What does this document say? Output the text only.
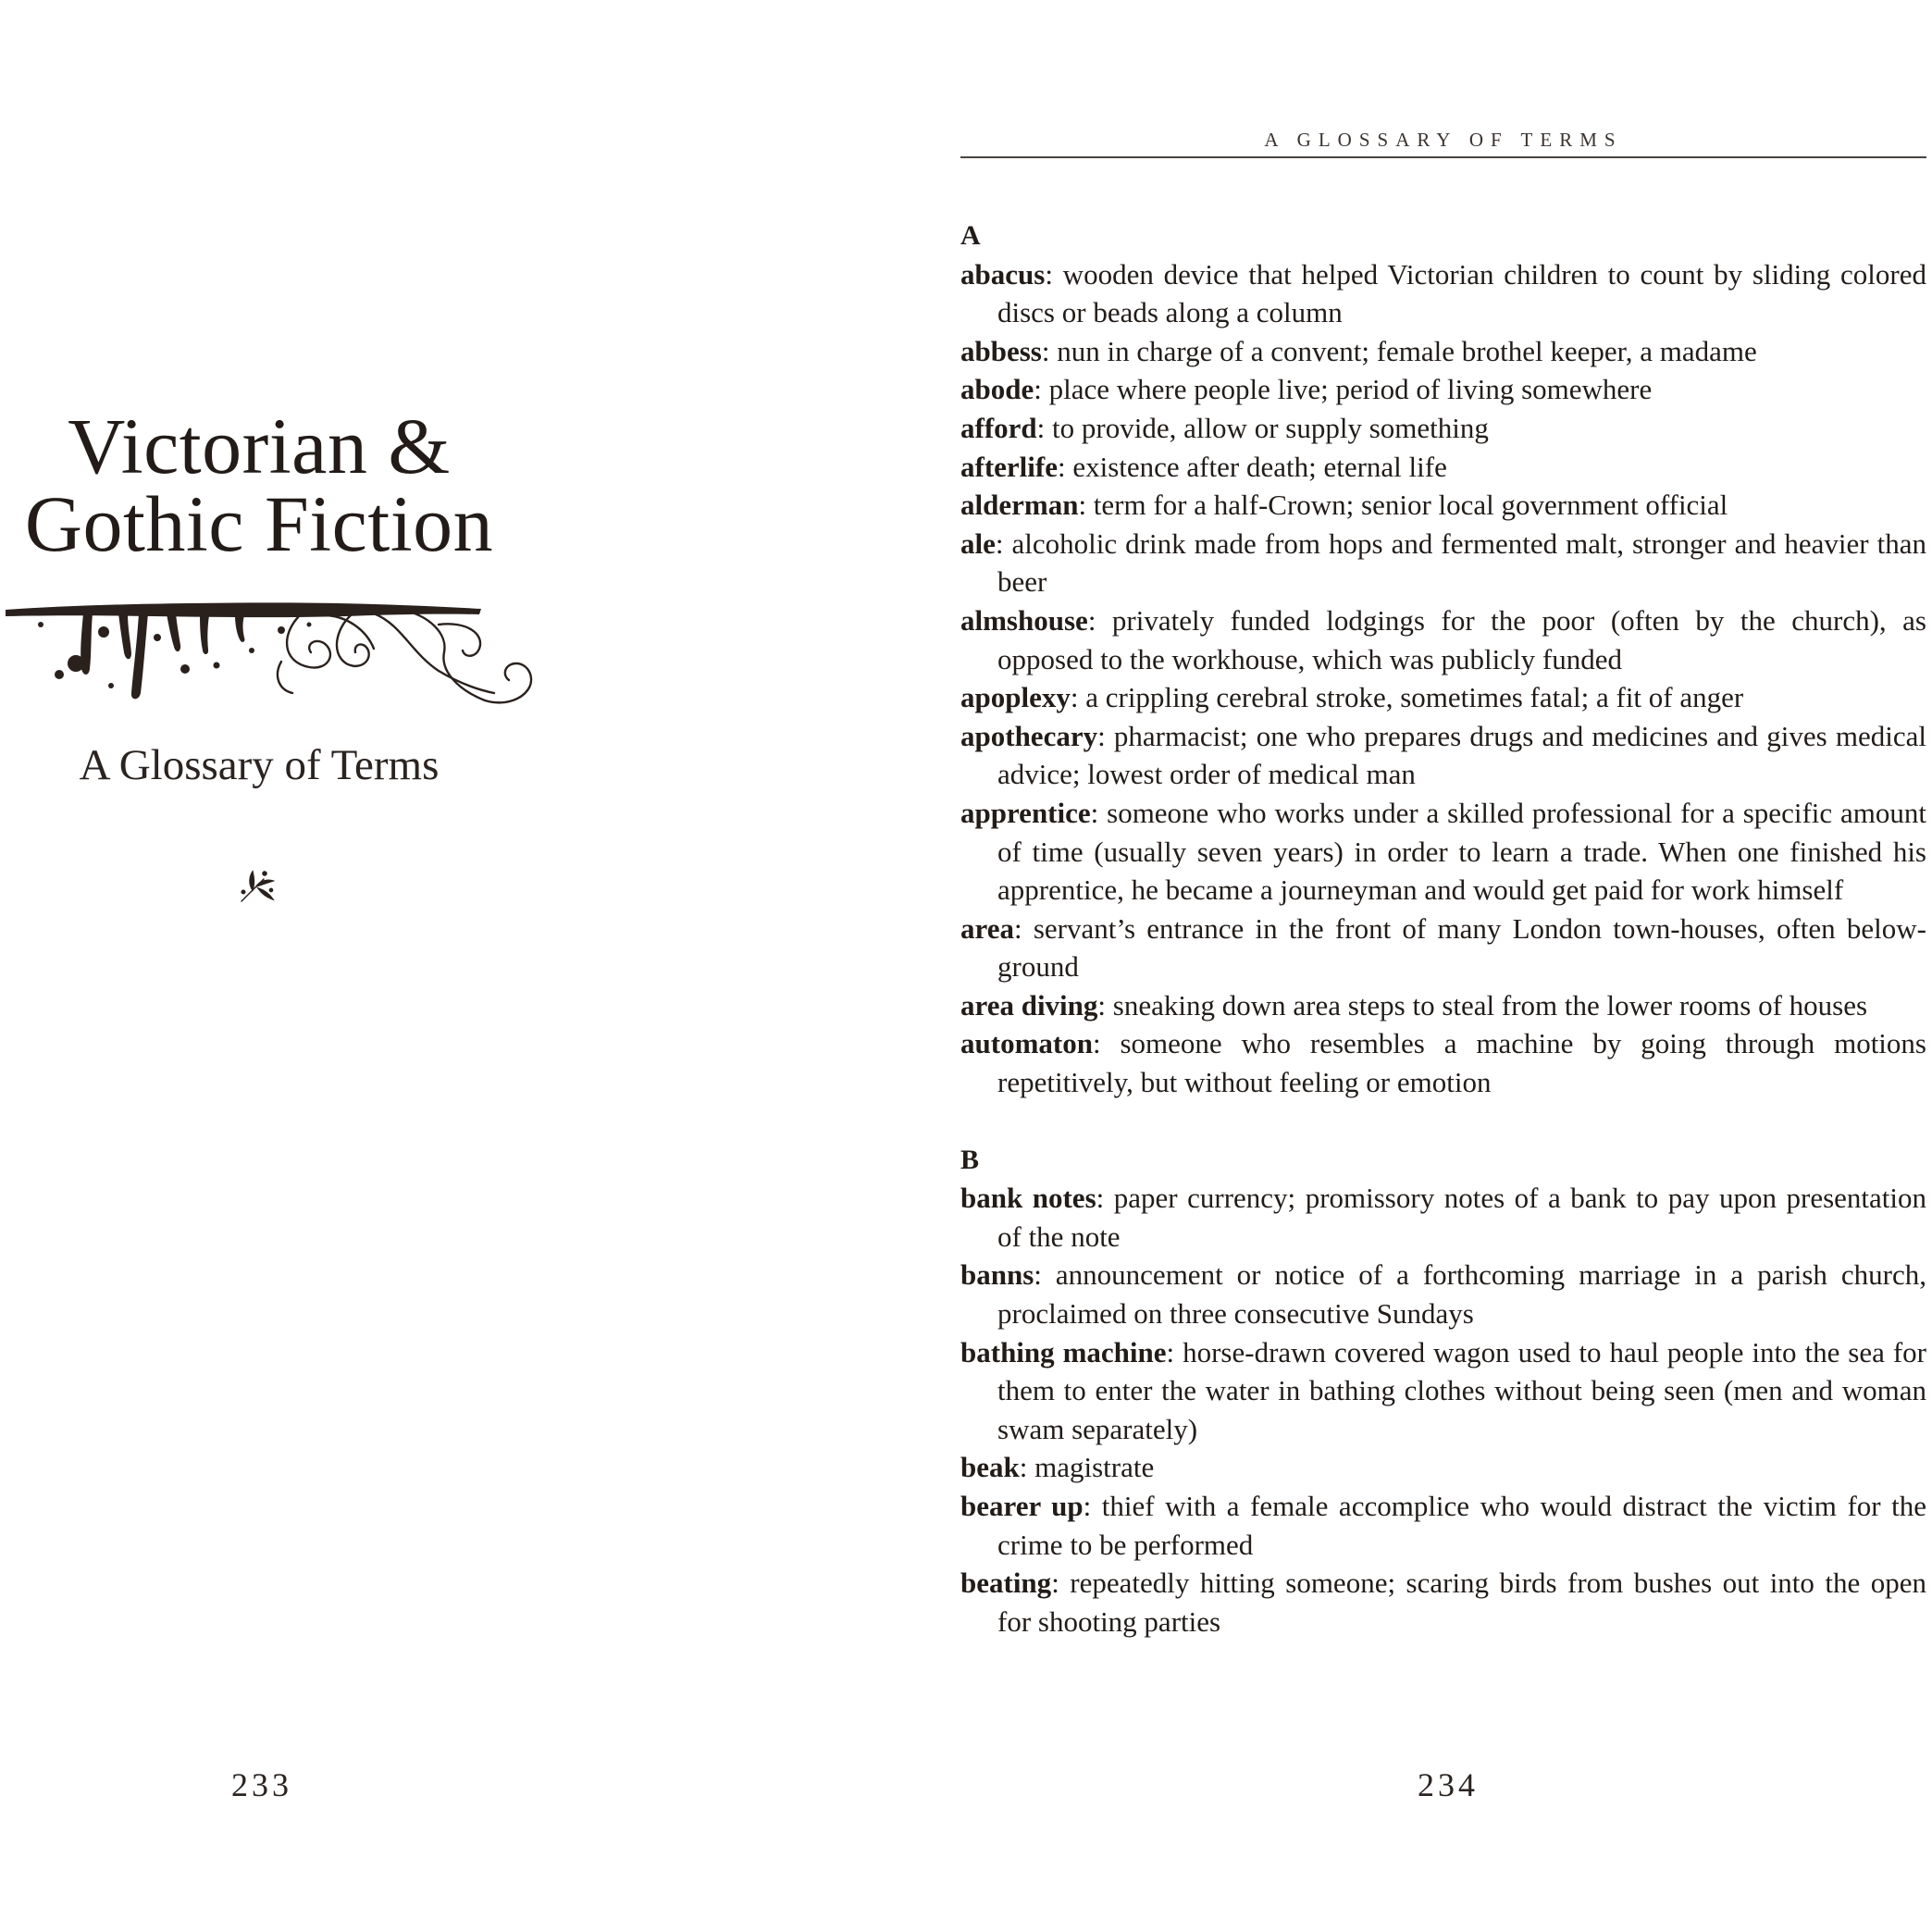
Victorian &
Gothic Fiction
A Glossary of Terms
233
A GLOSSARY OF TERMS

A

abacus: wooden device that helped Victorian children to count by sliding colored discs or beads along a column

abbess: nun in charge of a convent; female brothel keeper, a madame

abode: place where people live; period of living somewhere

afford: to provide, allow or supply something

afterlife: existence after death; eternal life

alderman: term for a half-Crown; senior local government official

ale: alcoholic drink made from hops and fermented malt, stronger and heavier than beer

almshouse: privately funded lodgings for the poor (often by the church), as opposed to the workhouse, which was publicly funded

apoplexy: a crippling cerebral stroke, sometimes fatal; a fit of anger

apothecary: pharmacist; one who prepares drugs and medicines and gives medical advice; lowest order of medical man

apprentice: someone who works under a skilled professional for a specific amount of time (usually seven years) in order to learn a trade. When one finished his apprentice, he became a journeyman and would get paid for work himself

area: servant’s entrance in the front of many London town-houses, often below-ground

area diving: sneaking down area steps to steal from the lower rooms of houses

automaton: someone who resembles a machine by going through motions repetitively, but without feeling or emotion

B

bank notes: paper currency; promissory notes of a bank to pay upon presentation of the note

banns: announcement or notice of a forthcoming marriage in a parish church, proclaimed on three consecutive Sundays

bathing machine: horse-drawn covered wagon used to haul people into the sea for them to enter the water in bathing clothes without being seen (men and woman swam separately)

beak: magistrate

bearer up: thief with a female accomplice who would distract the victim for the crime to be performed

beating: repeatedly hitting someone; scaring birds from bushes out into the open for shooting parties

234
